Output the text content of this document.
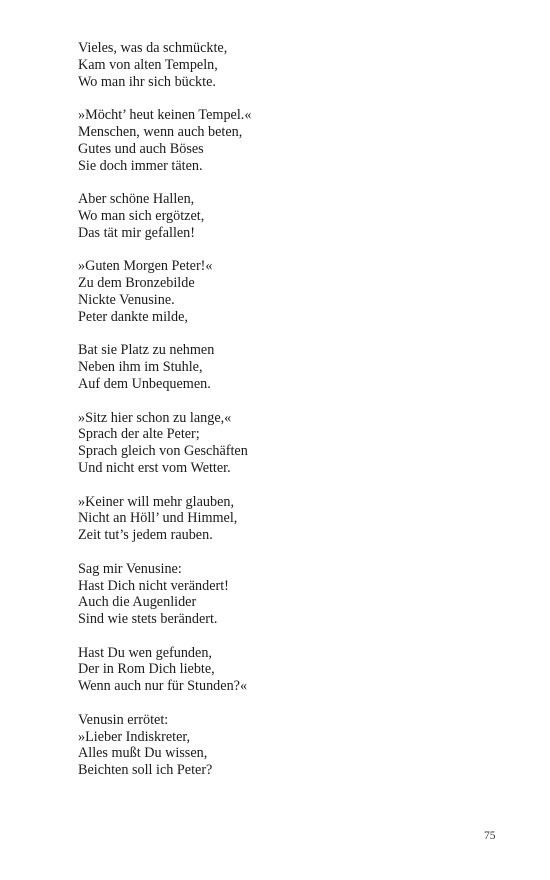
Vieles, was da schmückte,
Kam von alten Tempeln,
Wo man ihr sich bückte.
»Möcht’ heut keinen Tempel.«
Menschen, wenn auch beten,
Gutes und auch Böses
Sie doch immer täten.
Aber schöne Hallen,
Wo man sich ergötzet,
Das tät mir gefallen!
»Guten Morgen Peter!«
Zu dem Bronzebilde
Nickte Venusine.
Peter dankte milde,
Bat sie Platz zu nehmen
Neben ihm im Stuhle,
Auf dem Unbequemen.
»Sitz hier schon zu lange,«
Sprach der alte Peter;
Sprach gleich von Geschäften
Und nicht erst vom Wetter.
»Keiner will mehr glauben,
Nicht an Höll’ und Himmel,
Zeit tut’s jedem rauben.
Sag mir Venusine:
Hast Dich nicht verändert!
Auch die Augenlider
Sind wie stets berändert.
Hast Du wen gefunden,
Der in Rom Dich liebte,
Wenn auch nur für Stunden?«
Venusin errötet:
»Lieber Indiskreter,
Alles mußt Du wissen,
Beichten soll ich Peter?
75
